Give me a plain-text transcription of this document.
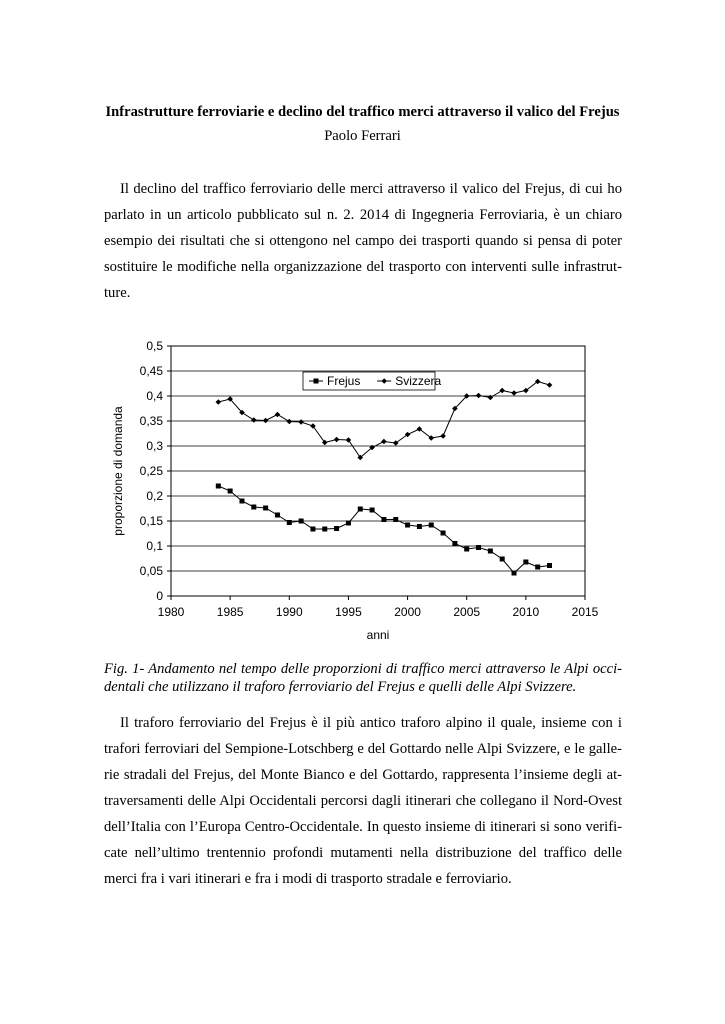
Infrastrutture ferroviarie e declino del traffico merci attraverso il valico del Frejus
Paolo Ferrari

Il declino del traffico ferroviario delle merci attraverso il valico del Frejus, di cui ho parlato in un articolo pubblicato sul n. 2. 2014 di Ingegneria Ferroviaria, è un chiaro esempio dei risultati che si ottengono nel campo dei trasporti quando si pensa di poter sostituire le modifiche nella organizzazione del trasporto con interventi sulle infrastrutture.

0
0,05
0,1
0,15
0,2
0,25
0,3
0,35
0,4
0,45
0,5
1980	1985	1990	1995	2000	2005	2010	2015
Frejus	Svizzera
anni
proporzione di domanda

Fig. 1- Andamento nel tempo delle proporzioni di traffico merci attraverso le Alpi occidentali che utilizzano il traforo ferroviario del Frejus e quelli delle Alpi Svizzere.

Il traforo ferroviario del Frejus è il più antico traforo alpino il quale, insieme con i trafori ferroviari del Sempione-Lotschberg e del Gottardo nelle Alpi Svizzere, e le gallerie stradali del Frejus, del Monte Bianco e del Gottardo, rappresenta l’insieme degli attraversamenti delle Alpi Occidentali percorsi dagli itinerari che collegano il Nord-Ovest dell’Italia con l’Europa Centro-Occidentale. In questo insieme di itinerari si sono verificate nell’ultimo trentennio profondi mutamenti nella distribuzione del traffico delle merci fra i vari itinerari e fra i modi di trasporto stradale e ferroviario.
